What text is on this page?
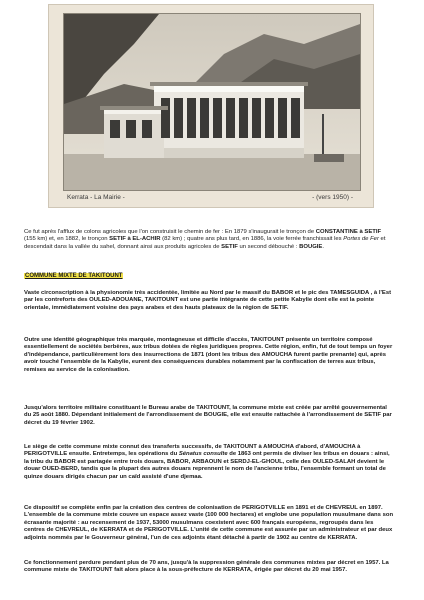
Kerrata - La Mairie -	- (vers 1950) -

Ce fut après l'afflux de colons agricoles que l'on construisit le chemin de fer : En 1879 s'inaugurait le tronçon de CONSTANTINE à SETIF (155 km) et, en 1882, le tronçon SETIF à EL-ACHIR (82 km) ; quatre ans plus tard, en 1886, la voie ferrée franchissait les Portes de Fer et descendait dans la vallée du sahel, donnant ainsi aux produits agricoles de SETIF un second débouché : BOUGIE.

COMMUNE MIXTE DE TAKITOUNT

Vaste circonscription à la physionomie très accidentée, limitée au Nord par le massif du BABOR et le pic des TAMESGUIDA , à l'Est par les contreforts des OULED-ADOUANE, TAKITOUNT est une partie intégrante de cette petite Kabylie dont elle est la pointe orientale, immédiatement voisine des pays arabes et des hauts plateaux de la région de SETIF.

Outre une identité géographique très marquée, montagneuse et difficile d'accès, TAKITOUNT présente un territoire composé essentiellement de sociétés berbères, aux tribus dotées de règles juridiques propres. Cette région, enfin, fut de tout temps un foyer d'indépendance, particulièrement lors des insurrections de 1871 (dont les tribus des AMOUCHA furent partie prenante) qui, après avoir touché l'ensemble de la Kabylie, eurent des conséquences durables notamment par la confiscation de terres aux tribus, remises au service de la colonisation.

Jusqu'alors territoire militaire constituant le Bureau arabe de TAKITOUNT, la commune mixte est créée par arrêté gouvernemental du 25 août 1880. Dépendant initialement de l'arrondissement de BOUGIE, elle est ensuite rattachée à l'arrondissement de SETIF par décret du 19 février 1902.

Le siège de cette commune mixte connut des transferts successifs, de TAKITOUNT à AMOUCHA d'abord, d'AMOUCHA à PERIGOTVILLE ensuite. Entretemps, les opérations du Sénatus consulte de 1863 ont permis de diviser les tribus en douars : ainsi, la tribu du BABOR est partagée entre trois douars, BABOR, ARBAOUN et SERDJ-EL-GHOUL, celle des OULED-SALAH devient le douar OUED-BERD, tandis que la plupart des autres douars reprennent le nom de l'ancienne tribu, l'ensemble formant un total de quinze douars dirigés chacun par un caïd assisté d'une djemaa.

Ce dispositif se complète enfin par la création des centres de colonisation de PERIGOTVILLE en 1891 et de CHEVREUL en 1897. L'ensemble de la commune mixte couvre un espace assez vaste (100 000 hectares) et englobe une population musulmane dans son écrasante majorité : au recensement de 1937, 53000 musulmans coexistent avec 600 français européens, regroupés dans les centres de CHEVREUL, de KERRATA et de PERIGOTVILLE. L'unité de cette commune est assurée par un administrateur et par deux adjoints nommés par le Gouverneur général, l'un de ces adjoints étant détaché à partir de 1902 au centre de KERRATA.

Ce fonctionnement perdure pendant plus de 70 ans, jusqu'à la suppression générale des communes mixtes par décret en 1957. La commune mixte de TAKITOUNT fait alors place à la sous-préfecture de KERRATA, érigée par décret du 20 mai 1957.
